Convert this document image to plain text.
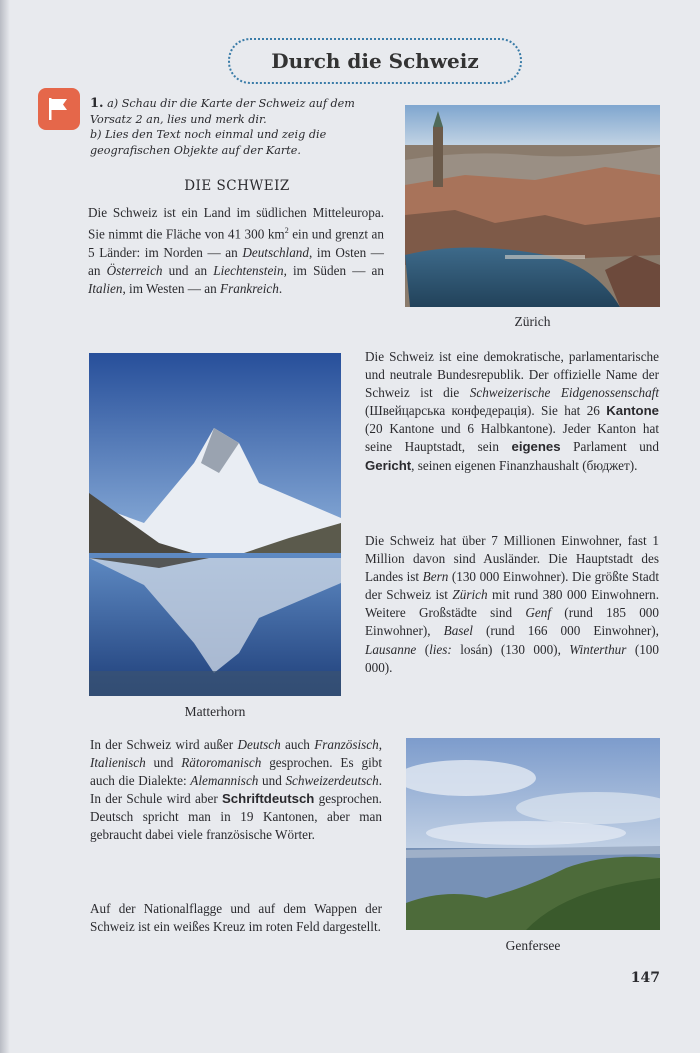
Durch die Schweiz
1. a) Schau dir die Karte der Schweiz auf dem Vorsatz 2 an, lies und merk dir.
b) Lies den Text noch einmal und zeig die geografischen Objekte auf der Karte.
DIE SCHWEIZ
Die Schweiz ist ein Land im südlichen Mitteleuropa. Sie nimmt die Fläche von 41 300 $km^2$ ein und grenzt an 5 Länder: im Norden — an Deutschland, im Osten — an Österreich und an Liechtenstein, im Süden — an Italien, im Westen — an Frankreich.
Zürich
Matterhorn
Die Schweiz ist eine demokratische, parlamentarische und neutrale Bundesrepublik. Der offizielle Name der Schweiz ist die Schweizerische Eidgenossenschaft (Швейцарська конфедерація). Sie hat 26 Kantone (20 Kantone und 6 Halbkantone). Jeder Kanton hat seine Hauptstadt, sein eigenes Parlament und Gericht, seinen eigenen Finanzhaushalt (бюджет).
Die Schweiz hat über 7 Millionen Einwohner, fast 1 Million davon sind Ausländer. Die Hauptstadt des Landes ist Bern (130 000 Einwohner). Die größte Stadt der Schweiz ist Zürich mit rund 380 000 Einwohnern. Weitere Großstädte sind Genf (rund 185 000 Einwohner), Basel (rund 166 000 Einwohner), Lausanne (lies: losán) (130 000), Winterthur (100 000).
In der Schweiz wird außer Deutsch auch Französisch, Italienisch und Rätoromanisch gesprochen. Es gibt auch die Dialekte: Alemannisch und Schweizerdeutsch. In der Schule wird aber Schriftdeutsch gesprochen. Deutsch spricht man in 19 Kantonen, aber man gebraucht dabei viele französische Wörter.
Auf der Nationalflagge und auf dem Wappen der Schweiz ist ein weißes Kreuz im roten Feld dargestellt.
Genfersee
147
